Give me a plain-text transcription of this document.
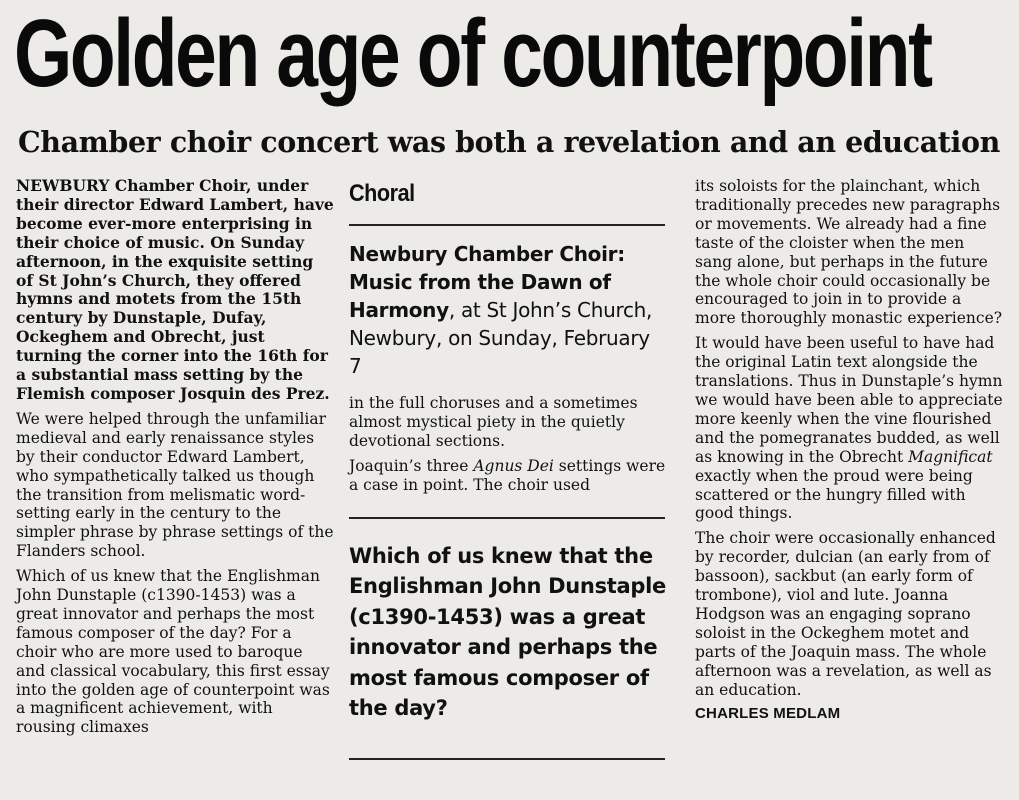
Golden age of counterpoint
Chamber choir concert was both a revelation and an education

NEWBURY Chamber Choir, under their director Edward Lambert, have become ever-more enterprising in their choice of music. On Sunday afternoon, in the exquisite setting of St John’s Church, they offered hymns and motets from the 15th century by Dunstaple, Dufay, Ockeghem and Obrecht, just turning the corner into the 16th for a substantial mass setting by the Flemish composer Josquin des Prez.

We were helped through the unfamiliar medieval and early renaissance styles by their conductor Edward Lambert, who sympathetically talked us though the transition from melismatic word-setting early in the century to the simpler phrase by phrase settings of the Flanders school.

Which of us knew that the Englishman John Dunstaple (c1390-1453) was a great innovator and perhaps the most famous composer of the day? For a choir who are more used to baroque and classical vocabulary, this first essay into the golden age of counterpoint was a magnificent achievement, with rousing climaxes

Choral
Newbury Chamber Choir: Music from the Dawn of Harmony, at St John’s Church, Newbury, on Sunday, February 7

in the full choruses and a sometimes almost mystical piety in the quietly devotional sections.

Joaquin’s three Agnus Dei settings were a case in point. The choir used

Which of us knew that the Englishman John Dunstaple (c1390-1453) was a great innovator and perhaps the most famous composer of the day?

its soloists for the plainchant, which traditionally precedes new paragraphs or movements. We already had a fine taste of the cloister when the men sang alone, but perhaps in the future the whole choir could occasionally be encouraged to join in to provide a more thoroughly monastic experience?

It would have been useful to have had the original Latin text alongside the translations. Thus in Dunstaple’s hymn we would have been able to appreciate more keenly when the vine flourished and the pomegranates budded, as well as knowing in the Obrecht Magnificat exactly when the proud were being scattered or the hungry filled with good things.

The choir were occasionally enhanced by recorder, dulcian (an early from of bassoon), sackbut (an early form of trombone), viol and lute. Joanna Hodgson was an engaging soprano soloist in the Ockeghem motet and parts of the Joaquin mass. The whole afternoon was a revelation, as well as an education.

CHARLES MEDLAM
